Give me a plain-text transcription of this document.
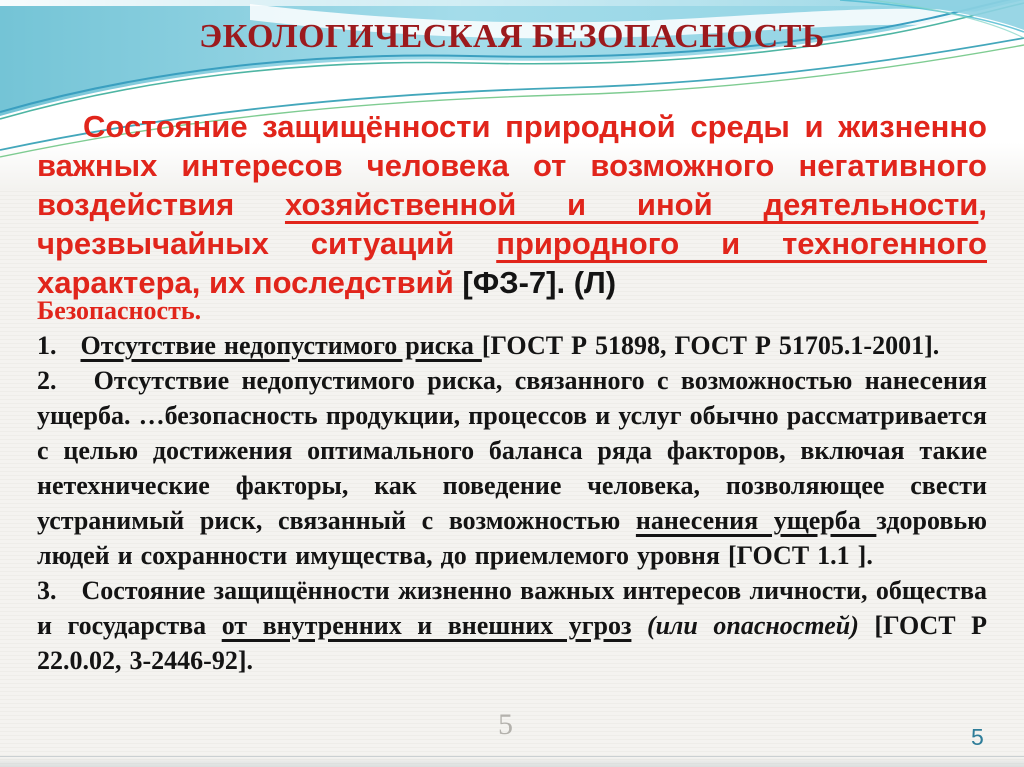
ЭКОЛОГИЧЕСКАЯ БЕЗОПАСНОСТЬ

Состояние защищённости природной среды и жизненно важных интересов человека от возможного негативного воздействия хозяйственной и иной деятельности, чрезвычайных ситуаций природного и техногенного характера, их последствий [ФЗ-7]. (Л)

Безопасность.

1.   Отсутствие недопустимого риска [ГОСТ Р 51898, ГОСТ Р 51705.1-2001].

2.   Отсутствие недопустимого риска, связанного с возможностью нанесения ущерба. …безопасность продукции, процессов и услуг обычно рассматривается с целью достижения оптимального баланса ряда факторов, включая такие нетехнические факторы, как поведение человека, позволяющее свести устранимый риск, связанный с возможностью нанесения ущерба здоровью людей и сохранности имущества, до приемлемого уровня [ГОСТ 1.1 ].

3.   Состояние защищённости жизненно важных интересов личности, общества и государства от внутренних и внешних угроз (или опасностей) [ГОСТ Р 22.0.02, 3-2446-92].

5	5
